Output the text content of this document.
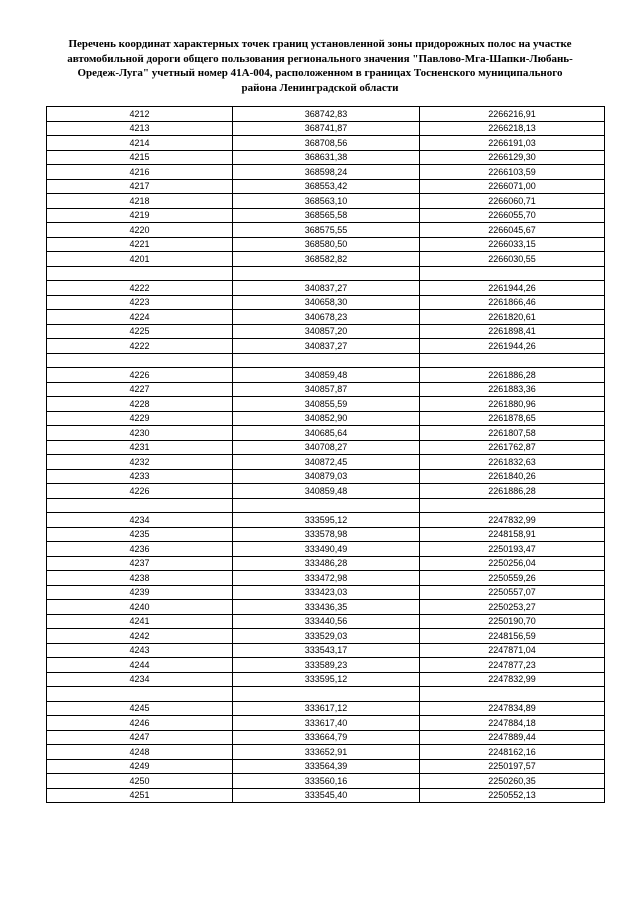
Перечень координат характерных точек границ установленной зоны придорожных полос на участке
автомобильной дороги общего пользования регионального значения "Павлово-Мга-Шапки-Любань-
Оредеж-Луга" учетный номер 41А-004, расположенном в границах Тосненского муниципального
района Ленинградской области
4212	368742,83	2266216,91
4213	368741,87	2266218,13
4214	368708,56	2266191,03
4215	368631,38	2266129,30
4216	368598,24	2266103,59
4217	368553,42	2266071,00
4218	368563,10	2266060,71
4219	368565,58	2266055,70
4220	368575,55	2266045,67
4221	368580,50	2266033,15
4201	368582,82	2266030,55

4222	340837,27	2261944,26
4223	340658,30	2261866,46
4224	340678,23	2261820,61
4225	340857,20	2261898,41
4222	340837,27	2261944,26

4226	340859,48	2261886,28
4227	340857,87	2261883,36
4228	340855,59	2261880,96
4229	340852,90	2261878,65
4230	340685,64	2261807,58
4231	340708,27	2261762,87
4232	340872,45	2261832,63
4233	340879,03	2261840,26
4226	340859,48	2261886,28

4234	333595,12	2247832,99
4235	333578,98	2248158,91
4236	333490,49	2250193,47
4237	333486,28	2250256,04
4238	333472,98	2250559,26
4239	333423,03	2250557,07
4240	333436,35	2250253,27
4241	333440,56	2250190,70
4242	333529,03	2248156,59
4243	333543,17	2247871,04
4244	333589,23	2247877,23
4234	333595,12	2247832,99

4245	333617,12	2247834,89
4246	333617,40	2247884,18
4247	333664,79	2247889,44
4248	333652,91	2248162,16
4249	333564,39	2250197,57
4250	333560,16	2250260,35
4251	333545,40	2250552,13
